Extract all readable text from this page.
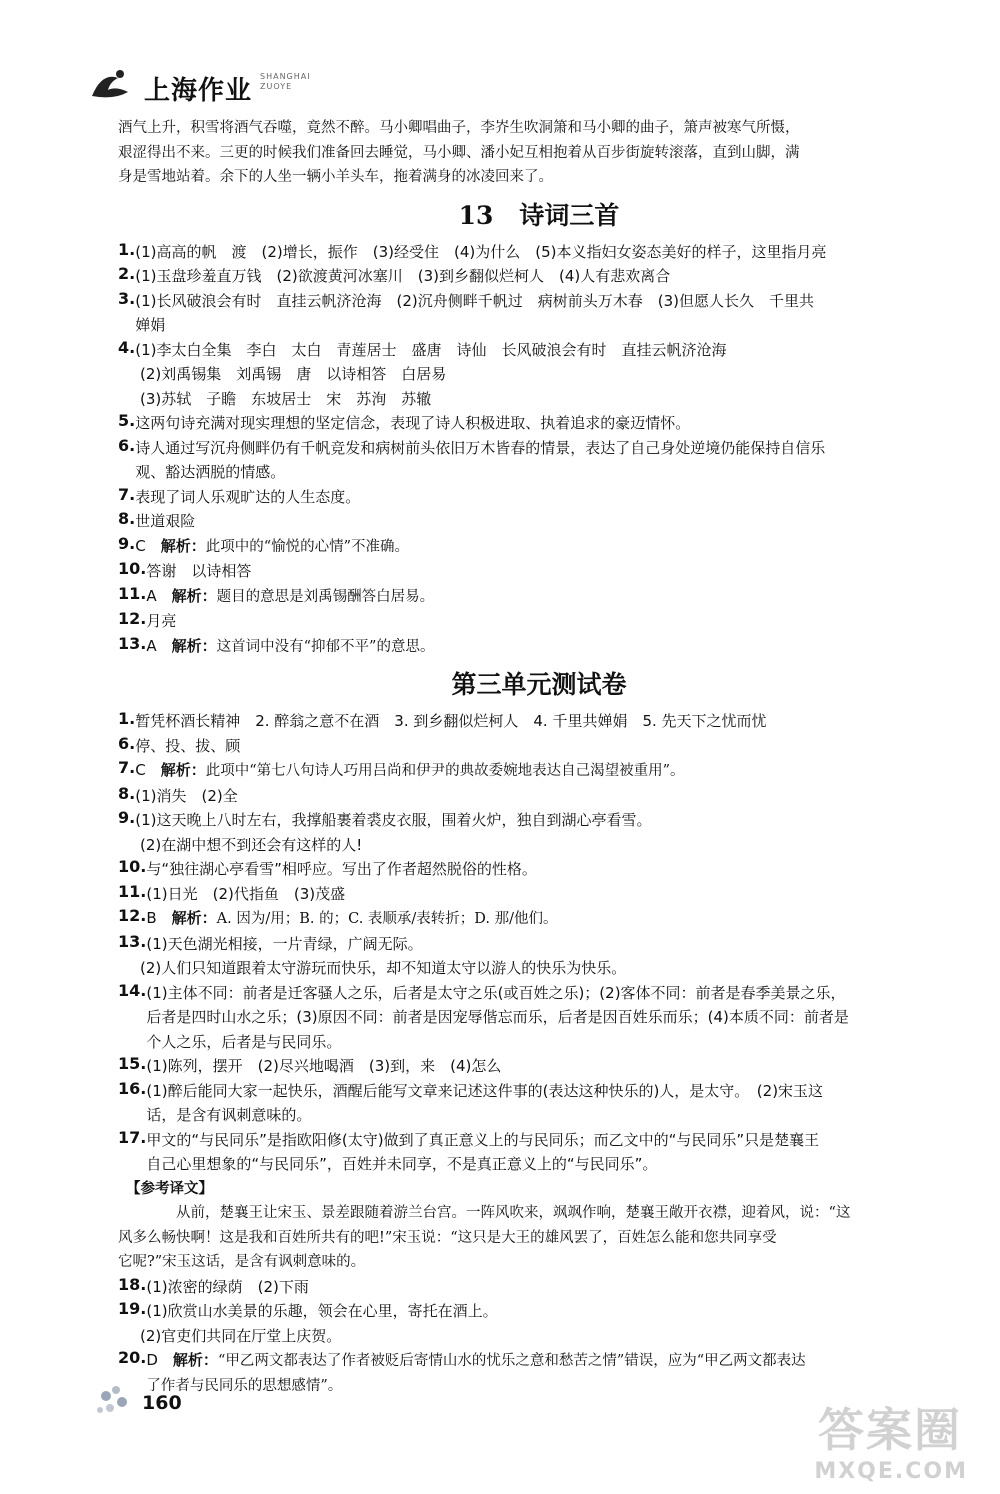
上海作业 SHANGHAI
ZUOYE

酒气上升，积雪将酒气吞噬，竟然不醉。马小卿唱曲子，李岕生吹洞箫和马小卿的曲子，箫声被寒气所慑，

艰涩得出不来。三更的时候我们准备回去睡觉，马小卿、潘小妃互相抱着从百步街旋转滚落，直到山脚，满

身是雪地站着。余下的人坐一辆小羊头车，拖着满身的冰凌回来了。

13 诗词三首
1. (1)高高的帆　渡　(2)增长，振作　(3)经受住　(4)为什么　(5)本义指妇女姿态美好的样子，这里指月亮

2. (1)玉盘珍羞直万钱　(2)欲渡黄河冰塞川　(3)到乡翻似烂柯人　(4)人有悲欢离合

3. (1)长风破浪会有时　直挂云帆济沧海　(2)沉舟侧畔千帆过　病树前头万木春　(3)但愿人长久　千里共

婵娟

4. (1)李太白全集　李白　太白　青莲居士　盛唐　诗仙　长风破浪会有时　直挂云帆济沧海

(2)刘禹锡集　刘禹锡　唐　以诗相答　白居易

(3)苏轼　子瞻　东坡居士　宋　苏洵　苏辙

5. 这两句诗充满对现实理想的坚定信念，表现了诗人积极进取、执着追求的豪迈情怀。

6. 诗人通过写沉舟侧畔仍有千帆竞发和病树前头依旧万木皆春的情景，表达了自己身处逆境仍能保持自信乐

观、豁达洒脱的情感。

7. 表现了词人乐观旷达的人生态度。

8. 世道艰险

9. C　 解析：此项中的“愉悦的心情”不准确。

10. 答谢　以诗相答

11. A　 解析：题目的意思是刘禹锡酬答白居易。

12. 月亮

13. A　 解析：这首词中没有“抑郁不平”的意思。

第三单元测试卷
1. 暂凭杯酒长精神　2. 醉翁之意不在酒　3. 到乡翻似烂柯人　4. 千里共婵娟　5. 先天下之忧而忧

6. 停、投、拔、顾

7. C　 解析：此项中“第七八句诗人巧用吕尚和伊尹的典故委婉地表达自己渴望被重用”。

8. (1)消失　(2)全

9. (1)这天晚上八时左右，我撑船裹着裘皮衣服，围着火炉，独自到湖心亭看雪。

(2)在湖中想不到还会有这样的人!

10. 与“独往湖心亭看雪”相呼应。写出了作者超然脱俗的性格。

11. (1)日光　(2)代指鱼　(3)茂盛

12. B　 解析：A. 因为/用；B. 的；C. 表顺承/表转折；D. 那/他们。

13. (1)天色湖光相接，一片青绿，广阔无际。

(2)人们只知道跟着太守游玩而快乐，却不知道太守以游人的快乐为快乐。

14. (1)主体不同：前者是迁客骚人之乐，后者是太守之乐(或百姓之乐)；(2)客体不同：前者是春季美景之乐，

后者是四时山水之乐；(3)原因不同：前者是因宠辱偕忘而乐，后者是因百姓乐而乐；(4)本质不同：前者是

个人之乐，后者是与民同乐。

15. (1)陈列，摆开　(2)尽兴地喝酒　(3)到，来　(4)怎么

16. (1)醉后能同大家一起快乐，酒醒后能写文章来记述这件事的(表达这种快乐的)人，是太守。　(2)宋玉这

话，是含有讽刺意味的。

17. 甲文的“与民同乐”是指欧阳修(太守)做到了真正意义上的与民同乐；而乙文中的“与民同乐”只是楚襄王

自己心里想象的“与民同乐”，百姓并未同享，不是真正意义上的“与民同乐”。

【参考译文】

从前，楚襄王让宋玉、景差跟随着游兰台宫。一阵风吹来，飒飒作响，楚襄王敞开衣襟，迎着风，说：“这

风多么畅快啊！这是我和百姓所共有的吧!”宋玉说：“这只是大王的雄风罢了，百姓怎么能和您共同享受

它呢?”宋玉这话，是含有讽刺意味的。

18. (1)浓密的绿荫　(2)下雨

19. (1)欣赏山水美景的乐趣，领会在心里，寄托在酒上。

(2)官吏们共同在厅堂上庆贺。

20. D　 解析：“甲乙两文都表达了作者被贬后寄情山水的忧乐之意和愁苦之情”错误，应为“甲乙两文都表达

了作者与民同乐的思想感情”。

160	答案圈
MXQE.COM
